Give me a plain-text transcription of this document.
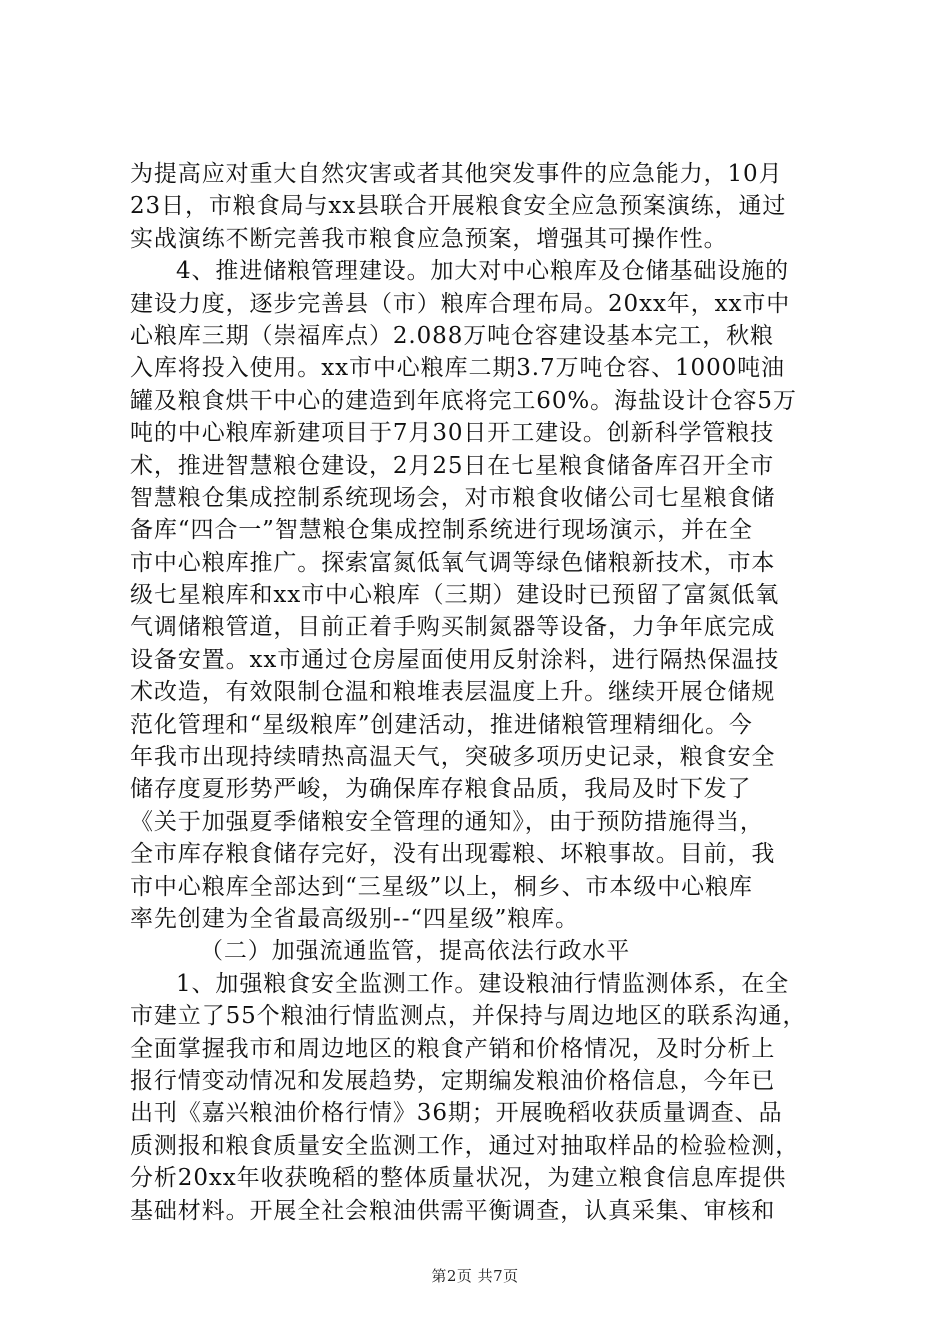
为提高应对重大自然灾害或者其他突发事件的应急能力，10月
23日，市粮食局与xx县联合开展粮食安全应急预案演练，通过
实战演练不断完善我市粮食应急预案，增强其可操作性。
4、推进储粮管理建设。加大对中心粮库及仓储基础设施的
建设力度，逐步完善县（市）粮库合理布局。20xx年，xx市中
心粮库三期（崇福库点）2.088万吨仓容建设基本完工，秋粮
入库将投入使用。xx市中心粮库二期3.7万吨仓容、1000吨油
罐及粮食烘干中心的建造到年底将完工60%。海盐设计仓容5万
吨的中心粮库新建项目于7月30日开工建设。创新科学管粮技
术，推进智慧粮仓建设，2月25日在七星粮食储备库召开全市
智慧粮仓集成控制系统现场会，对市粮食收储公司七星粮食储
备库“四合一”智慧粮仓集成控制系统进行现场演示，并在全
市中心粮库推广。探索富氮低氧气调等绿色储粮新技术，市本
级七星粮库和xx市中心粮库（三期）建设时已预留了富氮低氧
气调储粮管道，目前正着手购买制氮器等设备，力争年底完成
设备安置。xx市通过仓房屋面使用反射涂料，进行隔热保温技
术改造，有效限制仓温和粮堆表层温度上升。继续开展仓储规
范化管理和“星级粮库”创建活动，推进储粮管理精细化。今
年我市出现持续晴热高温天气，突破多项历史记录，粮食安全
储存度夏形势严峻，为确保库存粮食品质，我局及时下发了
《关于加强夏季储粮安全管理的通知》，由于预防措施得当，
全市库存粮食储存完好，没有出现霉粮、坏粮事故。目前，我
市中心粮库全部达到“三星级”以上，桐乡、市本级中心粮库
率先创建为全省最高级别--“四星级”粮库。
（二）加强流通监管，提高依法行政水平
1、加强粮食安全监测工作。建设粮油行情监测体系，在全
市建立了55个粮油行情监测点，并保持与周边地区的联系沟通，
全面掌握我市和周边地区的粮食产销和价格情况，及时分析上
报行情变动情况和发展趋势，定期编发粮油价格信息，今年已
出刊《嘉兴粮油价格行情》36期；开展晚稻收获质量调查、品
质测报和粮食质量安全监测工作，通过对抽取样品的检验检测，
分析20xx年收获晚稻的整体质量状况，为建立粮食信息库提供
基础材料。开展全社会粮油供需平衡调查，认真采集、审核和
第2页 共7页
